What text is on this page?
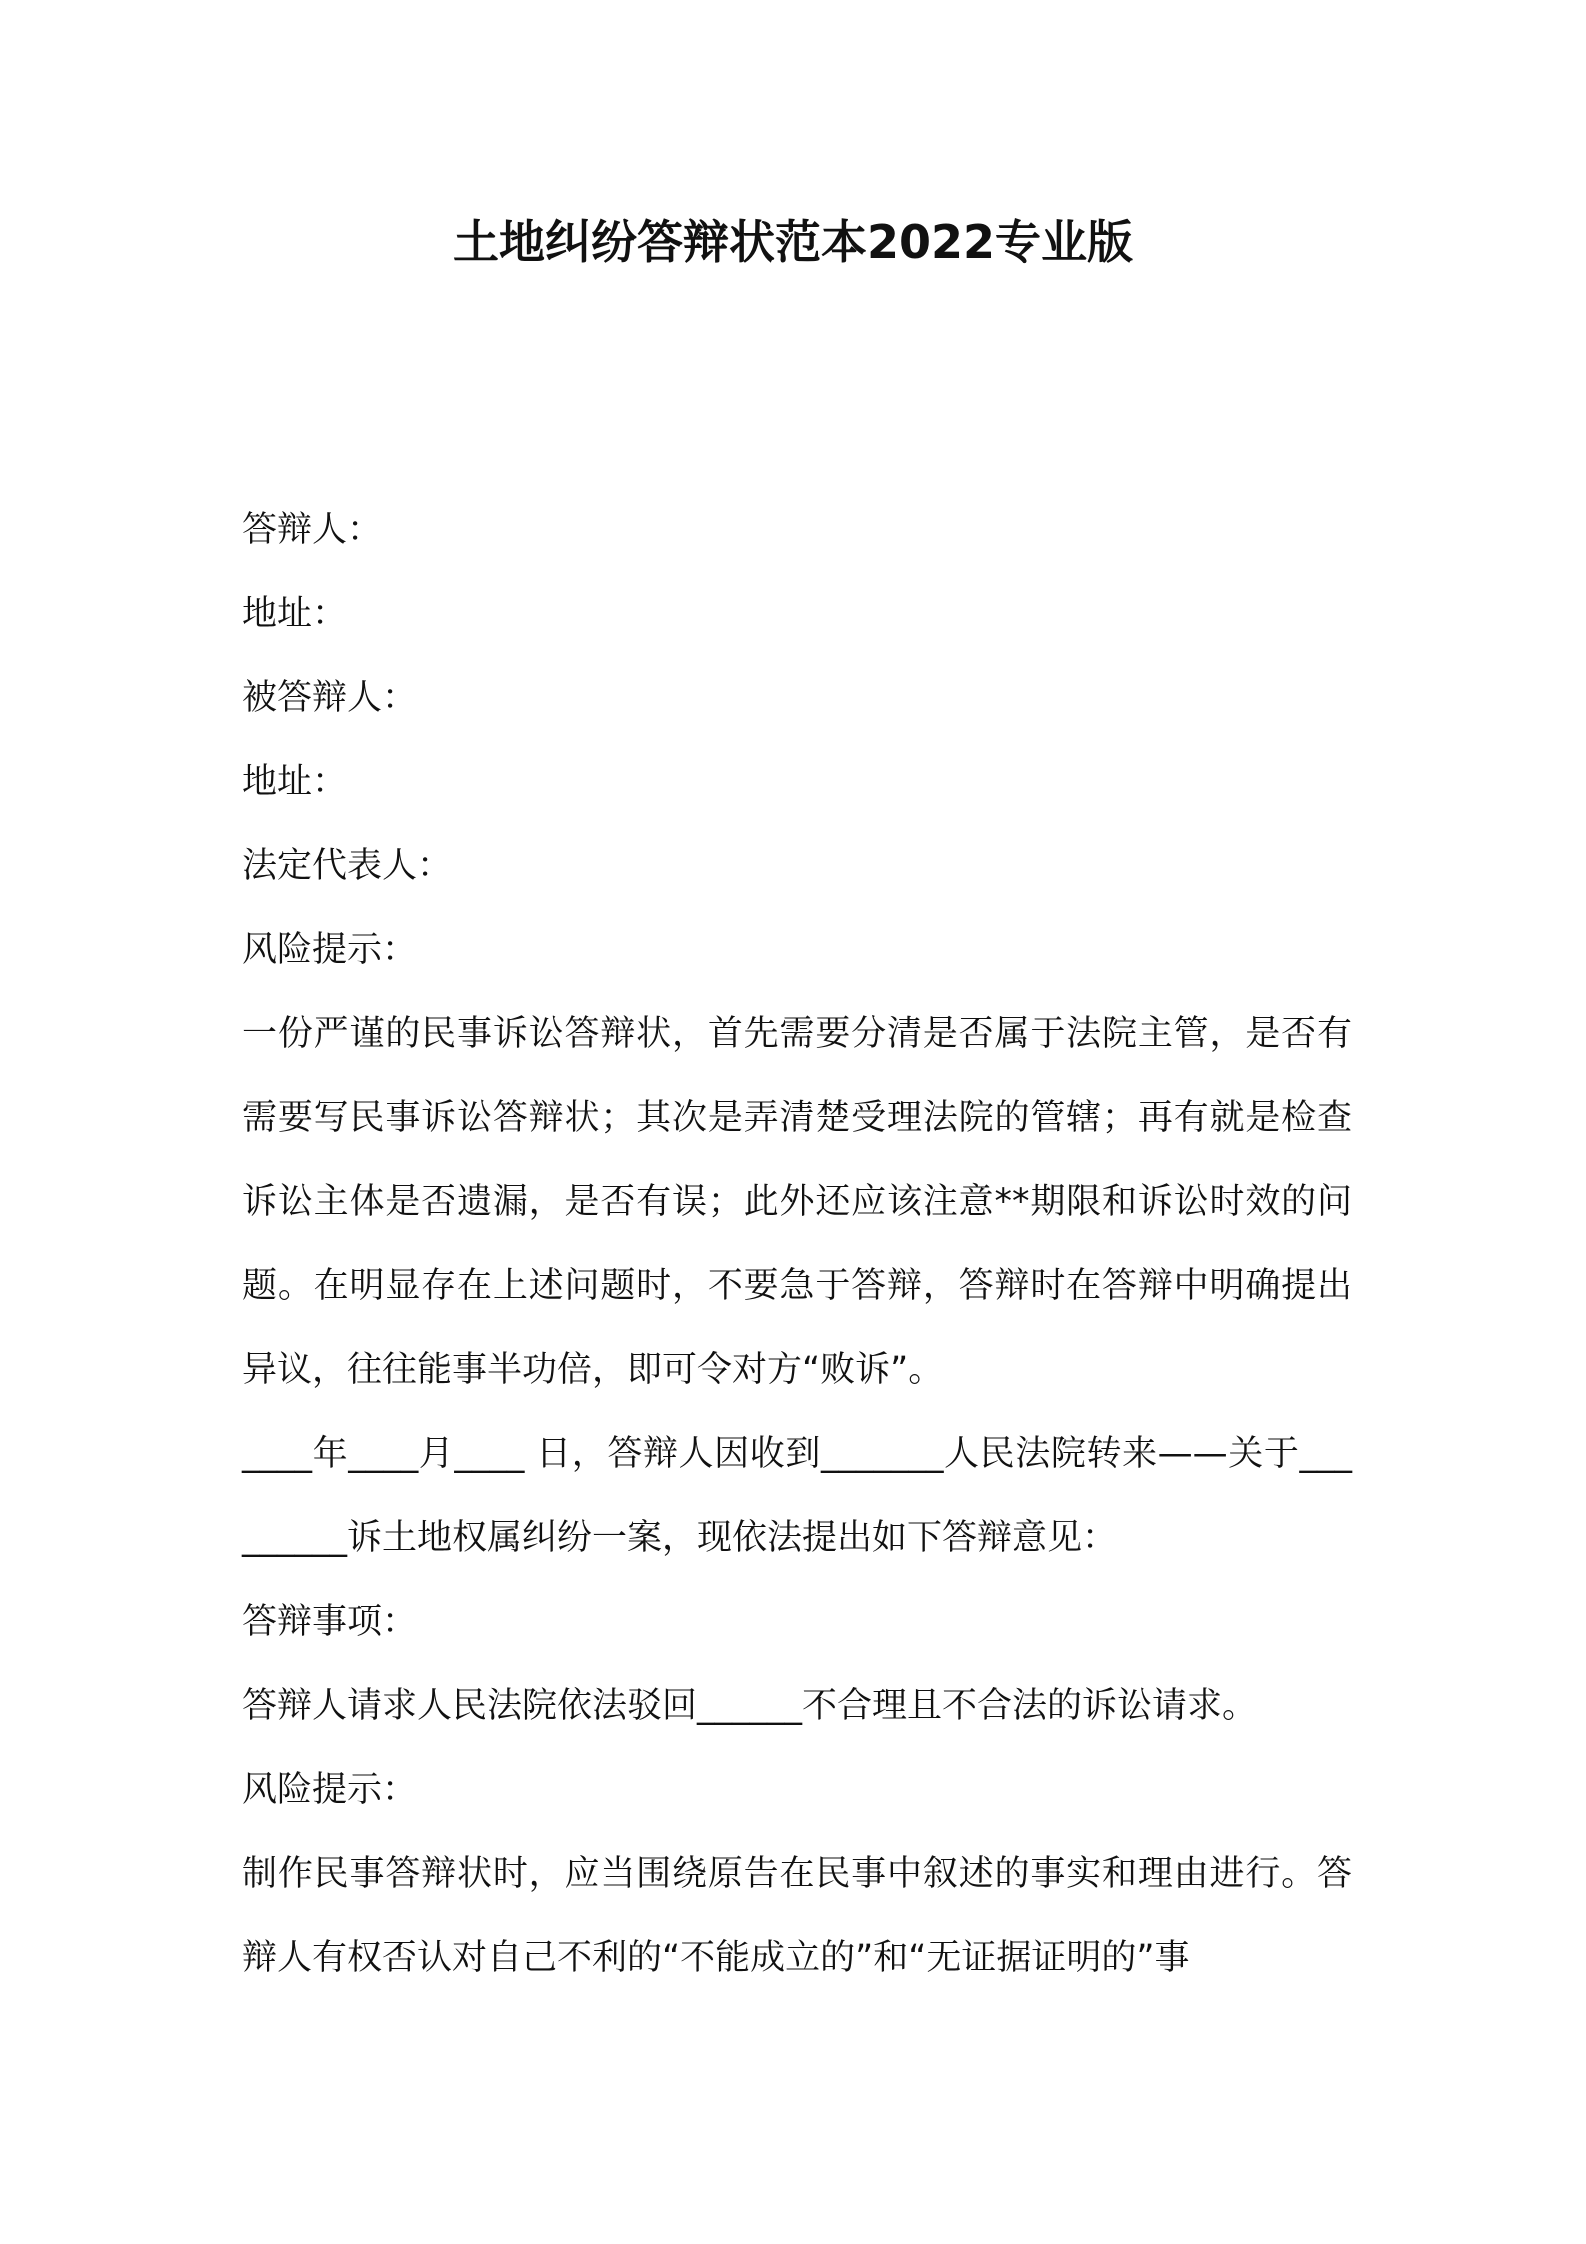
土地纠纷答辩状范本2022专业版
答辩人：
地址：
被答辩人：
地址：
法定代表人：
风险提示：
一份严谨的民事诉讼答辩状，首先需要分清是否属于法院主管，是否有需要写民事诉讼答辩状；其次是弄清楚受理法院的管辖；再有就是检查诉讼主体是否遗漏，是否有误；此外还应该注意**期限和诉讼时效的问题。在明显存在上述问题时，不要急于答辩，答辩时在答辩中明确提出异议，往往能事半功倍，即可令对方“败诉”。
____年____月____ 日，答辩人因收到_______人民法院转来——关于_________诉土地权属纠纷一案，现依法提出如下答辩意见：
答辩事项：
答辩人请求人民法院依法驳回______不合理且不合法的诉讼请求。
风险提示：
制作民事答辩状时，应当围绕原告在民事中叙述的事实和理由进行。答辩人有权否认对自己不利的“不能成立的”和“无证据证明的”事
